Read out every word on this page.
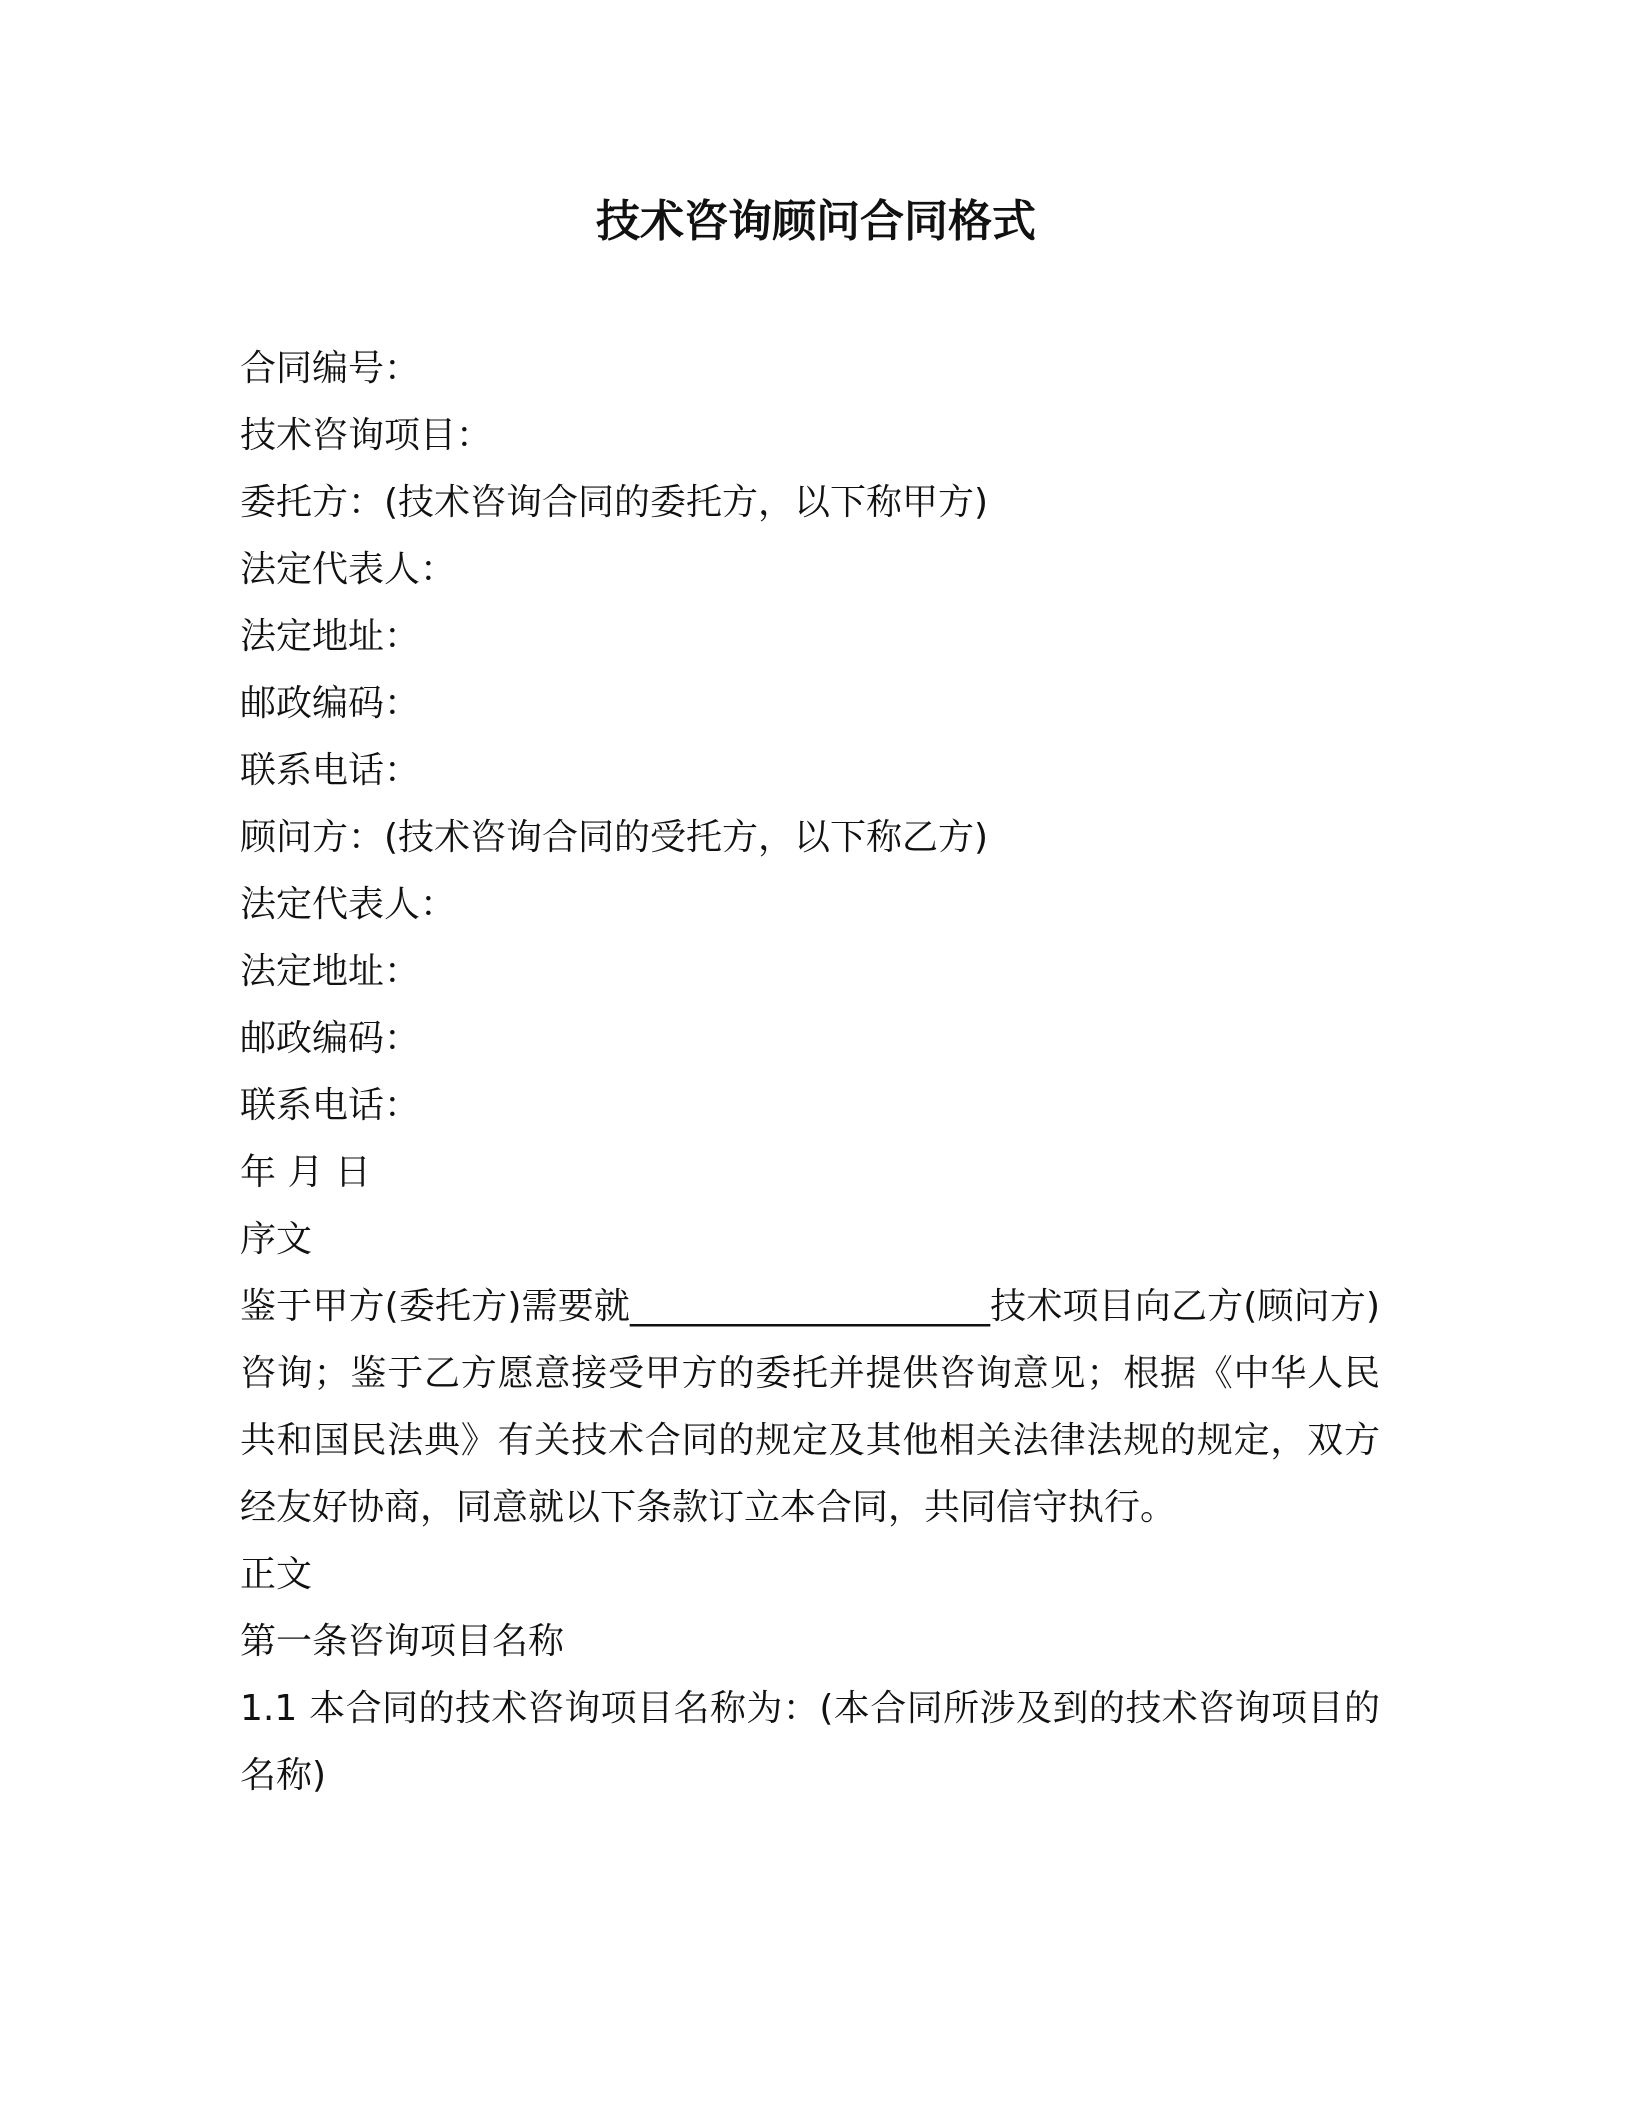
技术咨询顾问合同格式
合同编号：
技术咨询项目：
委托方：(技术咨询合同的委托方，以下称甲方)
法定代表人：
法定地址：
邮政编码：
联系电话：
顾问方：(技术咨询合同的受托方，以下称乙方)
法定代表人：
法定地址：
邮政编码：
联系电话：
年 月 日
序文
鉴于甲方(委托方)需要就____________________技术项目向乙方(顾问方)咨询；鉴于乙方愿意接受甲方的委托并提供咨询意见；根据《中华人民共和国民法典》有关技术合同的规定及其他相关法律法规的规定，双方经友好协商，同意就以下条款订立本合同，共同信守执行。
正文
第一条咨询项目名称
1.1 本合同的技术咨询项目名称为：(本合同所涉及到的技术咨询项目的名称)
